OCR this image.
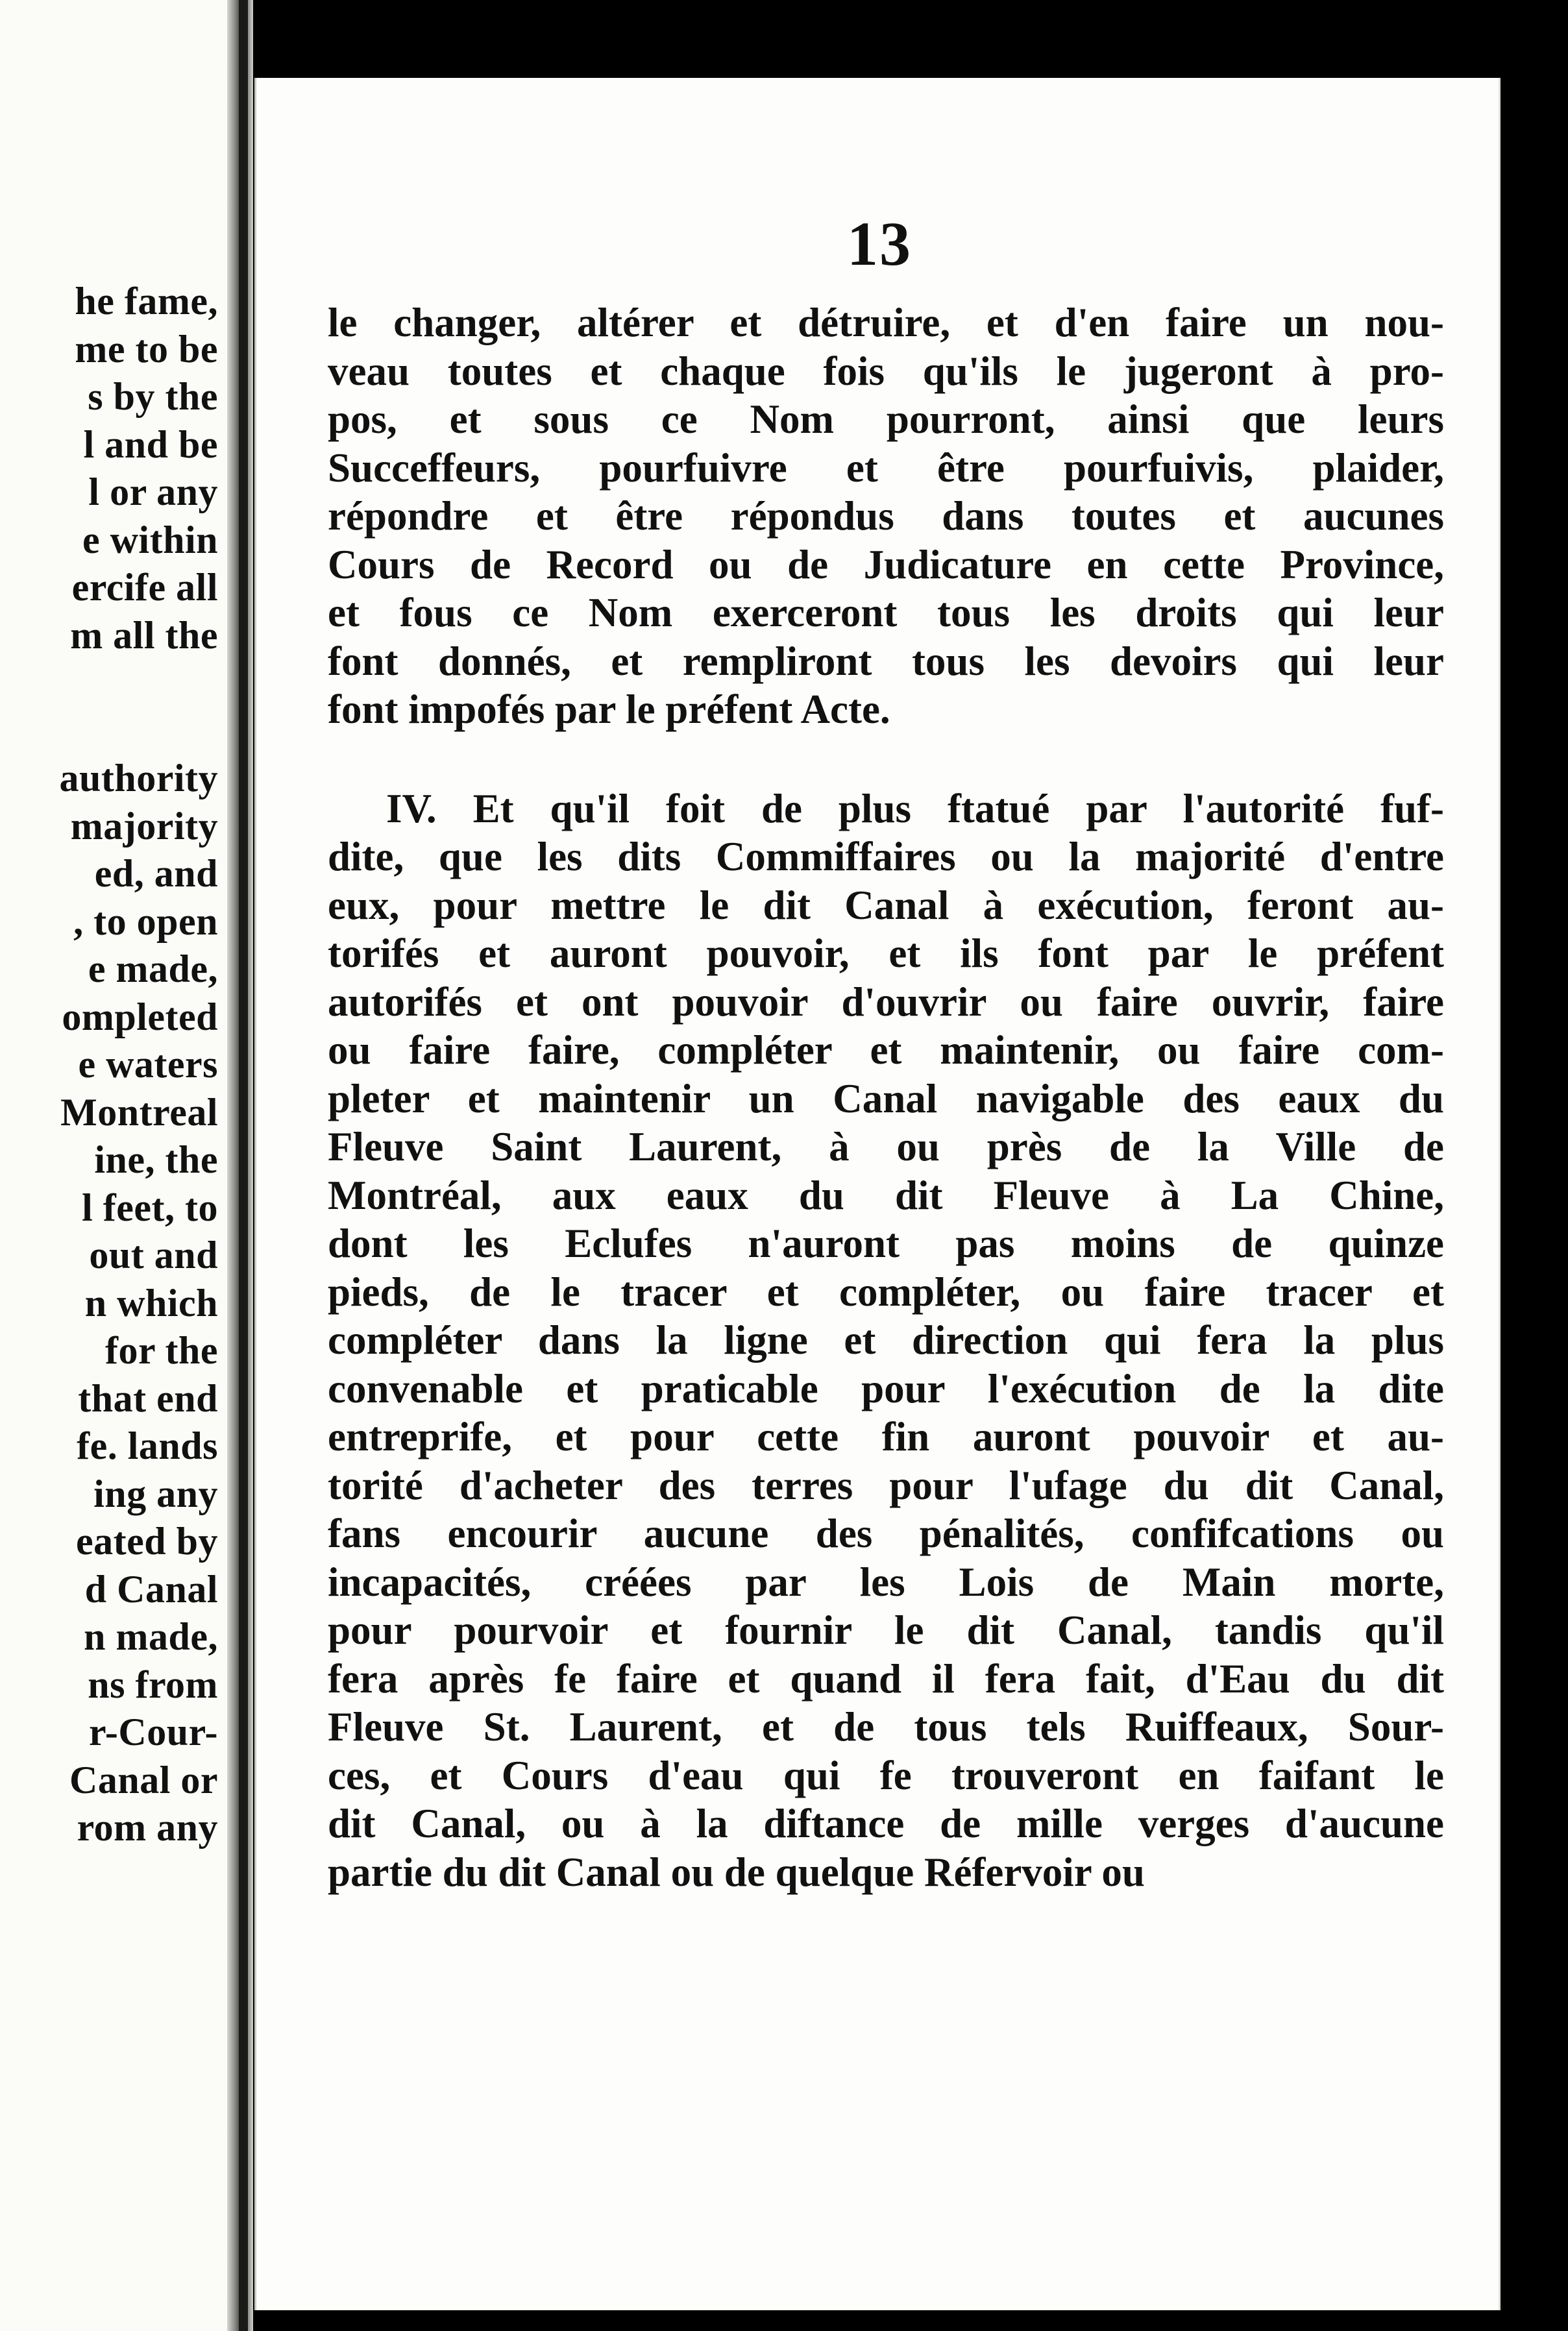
he fame,
me to be
s by the
l and be
l or any
e within
ercife all
m all the
authority
majority
ed, and
, to open
e made,
ompleted
e waters
Montreal
ine, the
l feet, to
out and
n which
for the
that end
fe. lands
ing any
eated by
d Canal
n made,
ns from
r-Cour-
Canal or
rom any
13
le changer, altérer et détruire, et d'en faire un nou-
veau toutes et chaque fois qu'ils le jugeront à pro-
pos, et sous ce Nom pourront, ainsi que leurs
Succeffeurs, pourfuivre et être pourfuivis, plaider,
répondre et être répondus dans toutes et aucunes
Cours de Record ou de Judicature en cette Province,
et fous ce Nom exerceront tous les droits qui leur
font donnés, et rempliront tous les devoirs qui leur
font impofés par le préfent Acte.
IV. Et qu'il foit de plus ftatué par l'autorité fuf-
dite, que les dits Commiffaires ou la majorité d'entre
eux, pour mettre le dit Canal à exécution, feront au-
torifés et auront pouvoir, et ils font par le préfent
autorifés et ont pouvoir d'ouvrir ou faire ouvrir, faire
ou faire faire, compléter et maintenir, ou faire com-
pleter et maintenir un Canal navigable des eaux du
Fleuve Saint Laurent, à ou près de la Ville de
Montréal, aux eaux du dit Fleuve à La Chine,
dont les Eclufes n'auront pas moins de quinze
pieds, de le tracer et compléter, ou faire tracer et
compléter dans la ligne et direction qui fera la plus
convenable et praticable pour l'exécution de la dite
entreprife, et pour cette fin auront pouvoir et au-
torité d'acheter des terres pour l'ufage du dit Canal,
fans encourir aucune des pénalités, confifcations ou
incapacités, créées par les Lois de Main morte,
pour pourvoir et fournir le dit Canal, tandis qu'il
fera après fe faire et quand il fera fait, d'Eau du dit
Fleuve St. Laurent, et de tous tels Ruiffeaux, Sour-
ces, et Cours d'eau qui fe trouveront en faifant le
dit Canal, ou à la diftance de mille verges d'aucune
partie du dit Canal ou de quelque Réfervoir ou
